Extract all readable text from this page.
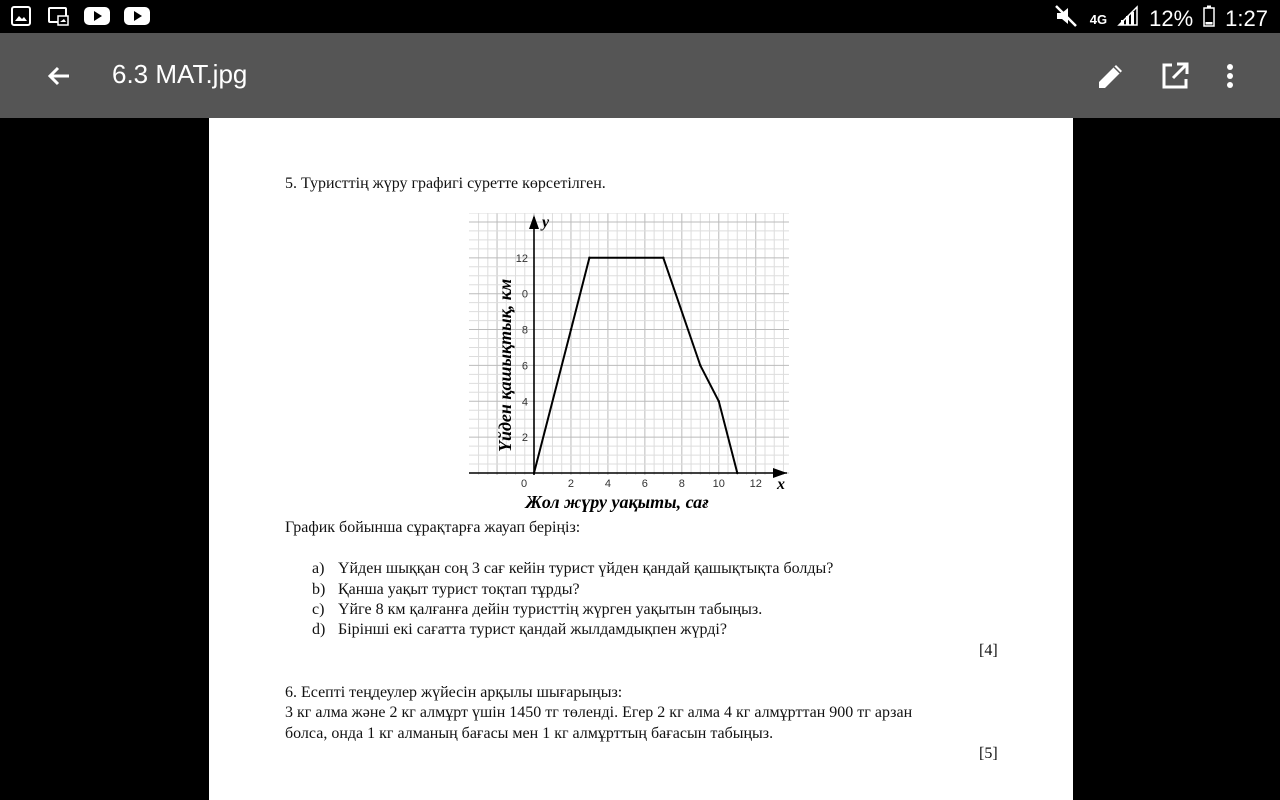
4G 12% 1:27
6.3 MAT.jpg
5. Туристтің жүру графигі суретте көрсетілген.
x
y
0	2	4	6	8	10 12
2
4
6
8
0
12
Жол жүру уақыты, сағ
Үйден қашықтық, км
График бойынша сұрақтарға жауап беріңіз:
a) Үйден шыққан соң 3 сағ кейін турист үйден қандай қашықтықта болды?
b) Қанша уақыт турист тоқтап тұрды?
c) Үйге 8 км қалғанға дейін туристтің жүрген уақытын табыңыз.
d) Бірінші екі сағатта турист қандай жылдамдықпен жүрді?
[4]
6. Есепті теңдеулер жүйесін арқылы шығарыңыз:
3 кг алма және 2 кг алмұрт үшін 1450 тг төленді. Егер 2 кг алма 4 кг алмұрттан 900 тг арзан
болса, онда 1 кг алманың бағасы мен 1 кг алмұрттың бағасын табыңыз.
[5]
